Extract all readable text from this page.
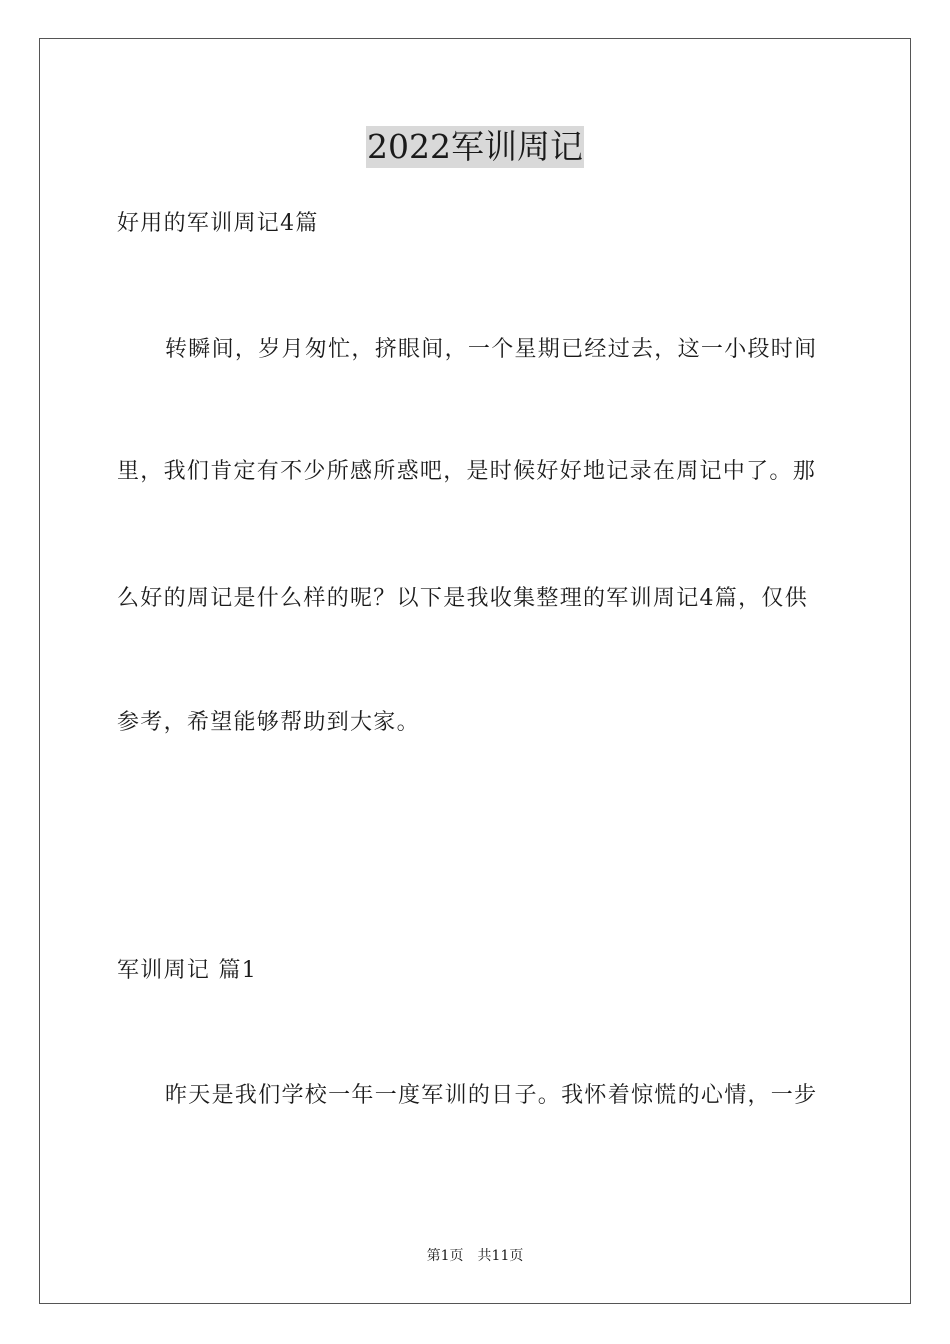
2022军训周记
好用的军训周记4篇
转瞬间，岁月匆忙，挤眼间，一个星期已经过去，这一小段时间
里，我们肯定有不少所感所惑吧，是时候好好地记录在周记中了。那
么好的周记是什么样的呢？以下是我收集整理的军训周记4篇，仅供
参考，希望能够帮助到大家。
军训周记 篇1
昨天是我们学校一年一度军训的日子。我怀着惊慌的心情，一步
第1页　共11页
